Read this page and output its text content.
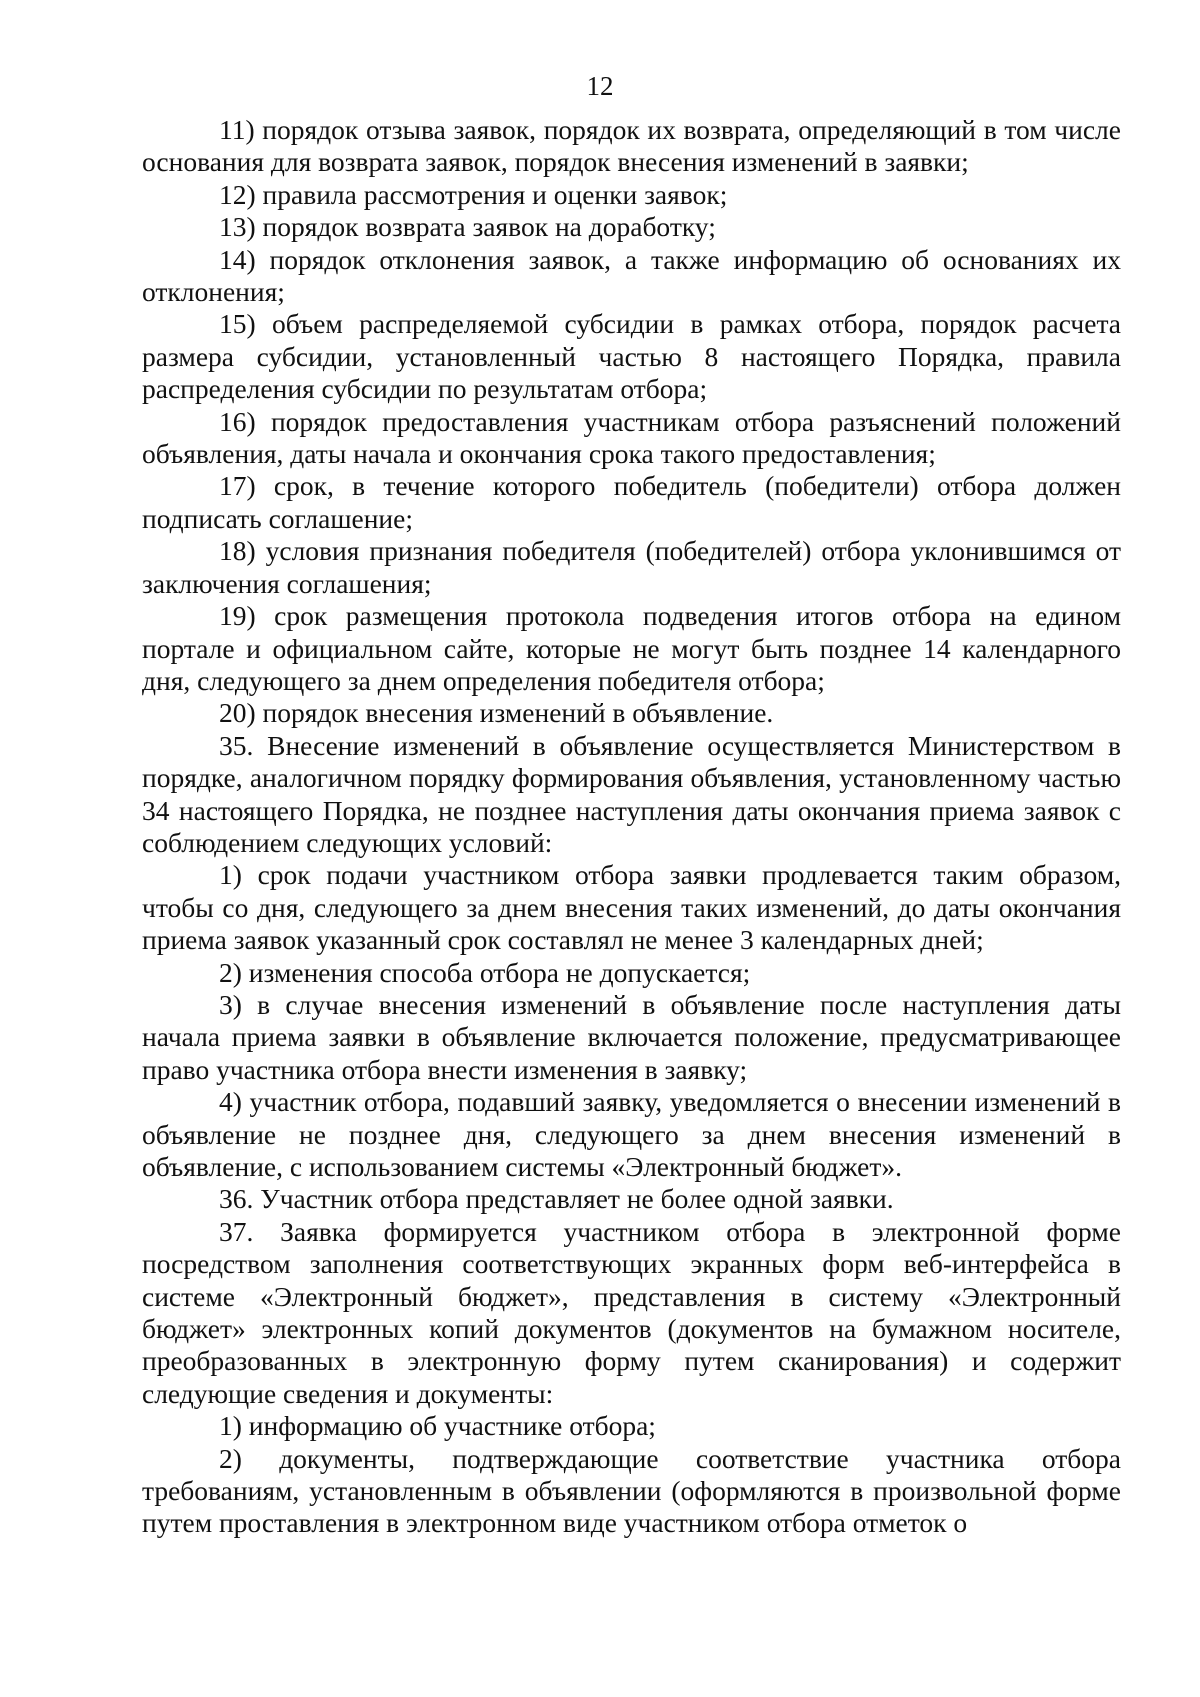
12

11) порядок отзыва заявок, порядок их возврата, определяющий в том числе основания для возврата заявок, порядок внесения изменений в заявки;

12) правила рассмотрения и оценки заявок;

13) порядок возврата заявок на доработку;

14) порядок отклонения заявок, а также информацию об основаниях их отклонения;

15) объем распределяемой субсидии в рамках отбора, порядок расчета размера субсидии, установленный частью 8 настоящего Порядка, правила распределения субсидии по результатам отбора;

16) порядок предоставления участникам отбора разъяснений положений объявления, даты начала и окончания срока такого предоставления;

17) срок, в течение которого победитель (победители) отбора должен подписать соглашение;

18) условия признания победителя (победителей) отбора уклонившимся от заключения соглашения;

19) срок размещения протокола подведения итогов отбора на едином портале и официальном сайте, которые не могут быть позднее 14 календарного дня, следующего за днем определения победителя отбора;

20) порядок внесения изменений в объявление.

35. Внесение изменений в объявление осуществляется Министерством в порядке, аналогичном порядку формирования объявления, установленному частью 34 настоящего Порядка, не позднее наступления даты окончания приема заявок с соблюдением следующих условий:

1) срок подачи участником отбора заявки продлевается таким образом, чтобы со дня, следующего за днем внесения таких изменений, до даты окончания приема заявок указанный срок составлял не менее 3 календарных дней;

2) изменения способа отбора не допускается;

3) в случае внесения изменений в объявление после наступления даты начала приема заявки в объявление включается положение, предусматривающее право участника отбора внести изменения в заявку;

4) участник отбора, подавший заявку, уведомляется о внесении изменений в объявление не позднее дня, следующего за днем внесения изменений в объявление, с использованием системы «Электронный бюджет».

36. Участник отбора представляет не более одной заявки.

37. Заявка формируется участником отбора в электронной форме посредством заполнения соответствующих экранных форм веб-интерфейса в системе «Электронный бюджет», представления в систему «Электронный бюджет» электронных копий документов (документов на бумажном носителе, преобразованных в электронную форму путем сканирования) и содержит следующие сведения и документы:

1) информацию об участнике отбора;

2) документы, подтверждающие соответствие участника отбора требованиям, установленным в объявлении (оформляются в произвольной форме путем проставления в электронном виде участником отбора отметок о
